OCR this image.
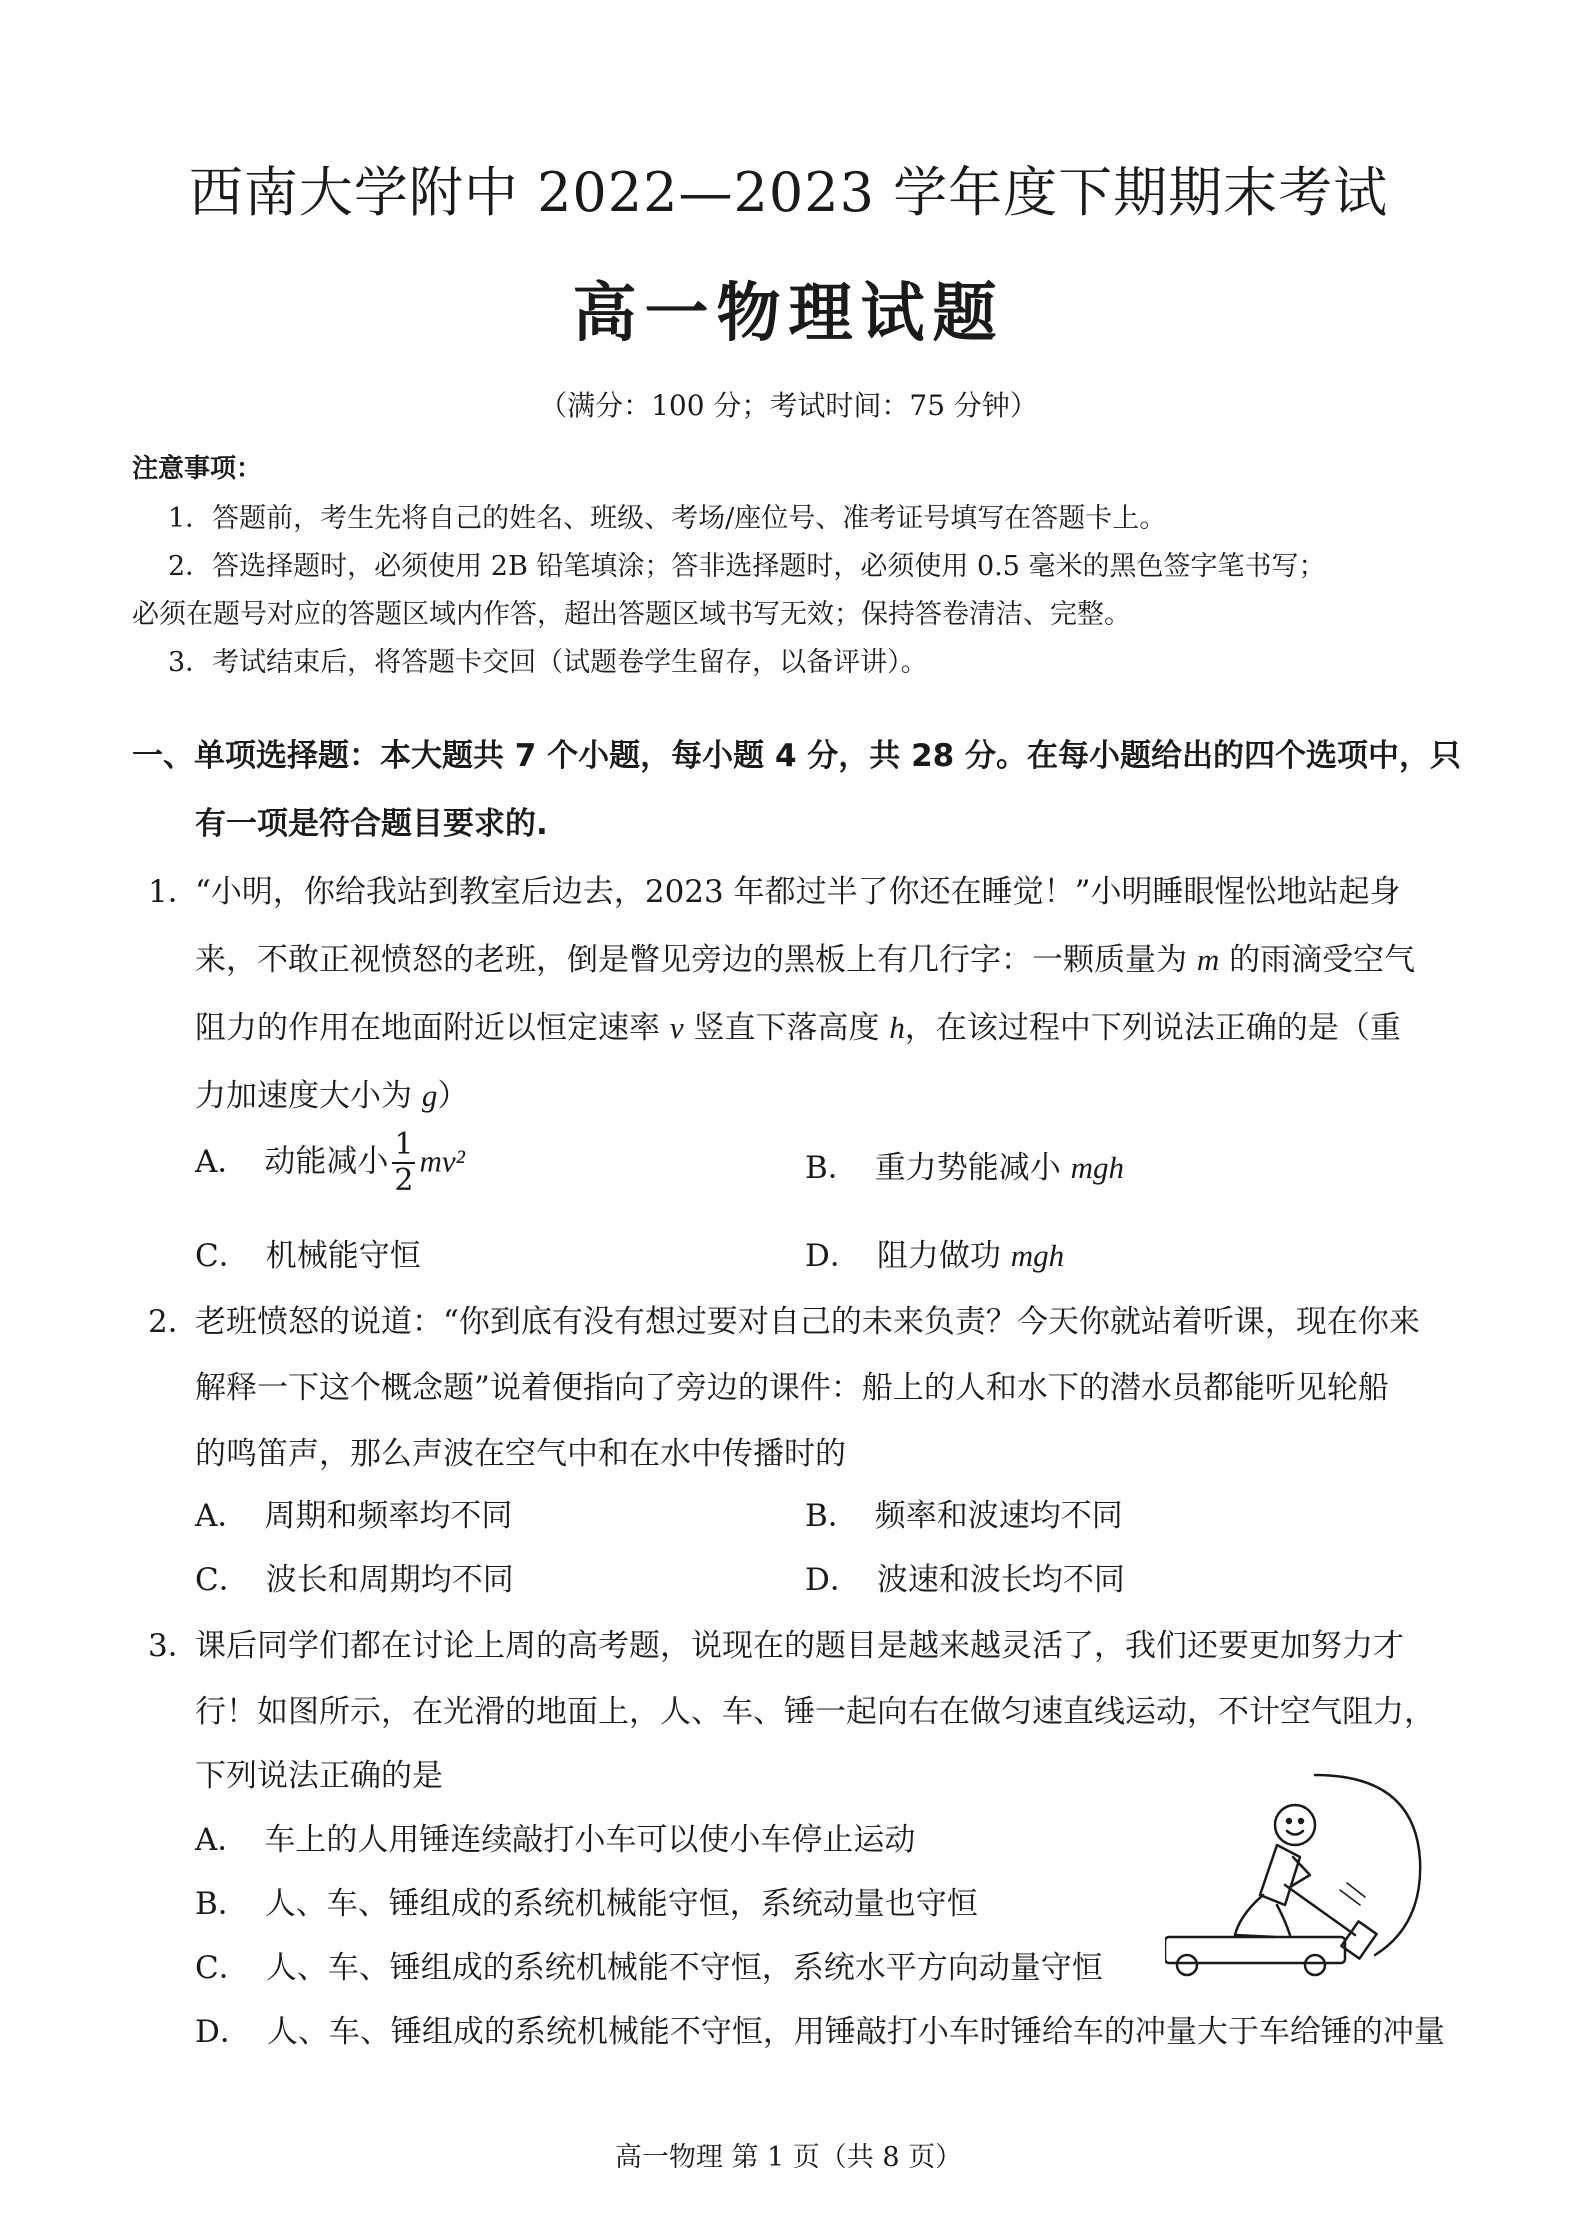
西南大学附中 2022—2023 学年度下期期末考试
高一物理试题
（满分：100 分；考试时间：75 分钟）
注意事项：
1．答题前，考生先将自己的姓名、班级、考场/座位号、准考证号填写在答题卡上。
2．答选择题时，必须使用 2B 铅笔填涂；答非选择题时，必须使用 0.5 毫米的黑色签字笔书写；
必须在题号对应的答题区域内作答，超出答题区域书写无效；保持答卷清洁、完整。
3．考试结束后，将答题卡交回（试题卷学生留存，以备评讲）。
一、单项选择题：本大题共 7 个小题，每小题 4 分，共 28 分。在每小题给出的四个选项中，只
有一项是符合题目要求的.
1．
“小明，你给我站到教室后边去，2023 年都过半了你还在睡觉！”小明睡眼惺忪地站起身
来，不敢正视愤怒的老班，倒是瞥见旁边的黑板上有几行字：一颗质量为 m 的雨滴受空气
阻力的作用在地面附近以恒定速率 v 竖直下落高度 h，在该过程中下列说法正确的是（重
力加速度大小为 g）
A． 动能减小 $\frac{1}{2} mv^2$	B． 重力势能减小 mgh
C． 机械能守恒	D． 阻力做功 mgh
2．
老班愤怒的说道：“你到底有没有想过要对自己的未来负责？今天你就站着听课，现在你来
解释一下这个概念题”说着便指向了旁边的课件：船上的人和水下的潜水员都能听见轮船
的鸣笛声，那么声波在空气中和在水中传播时的
A． 周期和频率均不同	B． 频率和波速均不同
C． 波长和周期均不同	D． 波速和波长均不同
3．
课后同学们都在讨论上周的高考题，说现在的题目是越来越灵活了，我们还要更加努力才
行！如图所示，在光滑的地面上，人、车、锤一起向右在做匀速直线运动，不计空气阻力，
下列说法正确的是
A． 车上的人用锤连续敲打小车可以使小车停止运动
B． 人、车、锤组成的系统机械能守恒，系统动量也守恒
C． 人、车、锤组成的系统机械能不守恒，系统水平方向动量守恒
D． 人、车、锤组成的系统机械能不守恒，用锤敲打小车时锤给车的冲量大于车给锤的冲量
高一物理 第 1 页（共 8 页）
